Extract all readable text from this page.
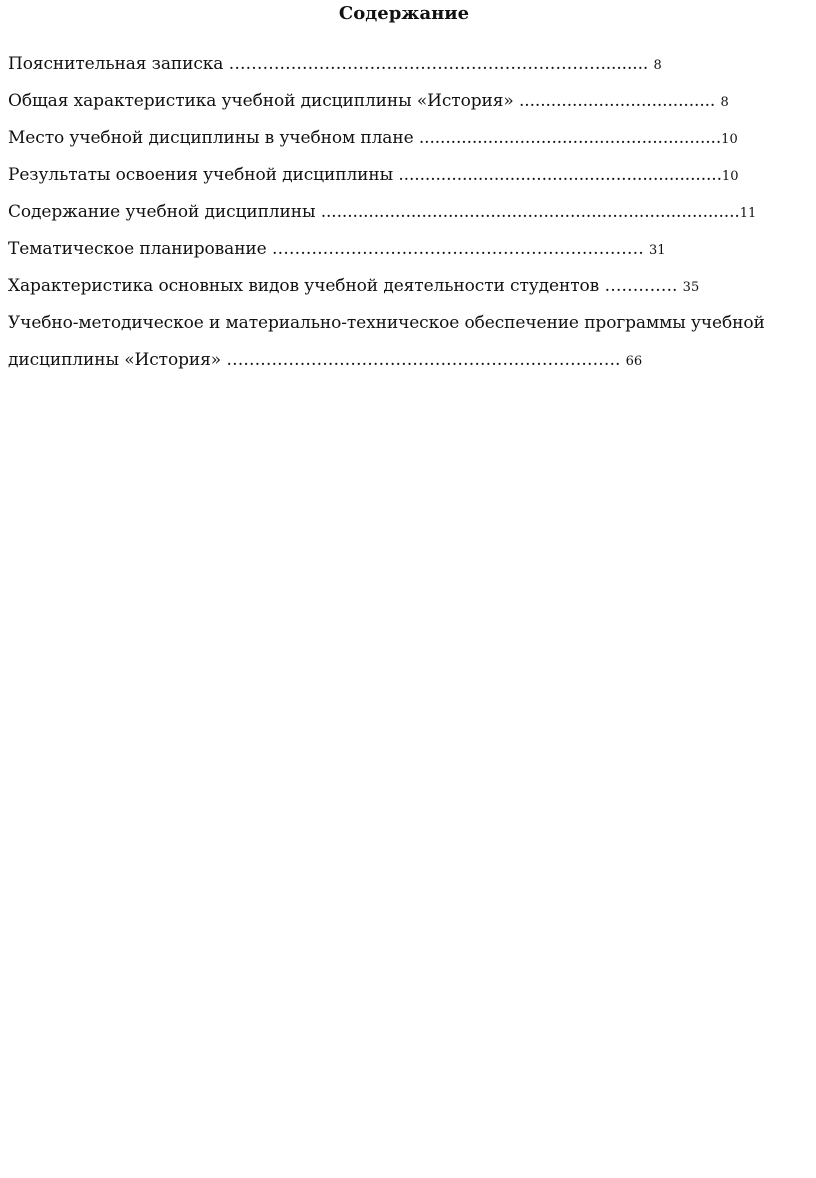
Содержание
Пояснительная записка …………………………………………………………......... 8
Общая характеристика учебной дисциплины «История» ..................................... 8
Место учебной дисциплины в учебном плане .........................................................10
Результаты освоения учебной дисциплины .............................................................10
Содержание учебной дисциплины ...............................................................................11
Тематическое планирование ………………………………………………………… 31
Характеристика основных видов учебной деятельности студентов …………. 35
Учебно-методическое и материально-техническое обеспечение программы учебной
дисциплины «История» ……………………………………………………………. 66
